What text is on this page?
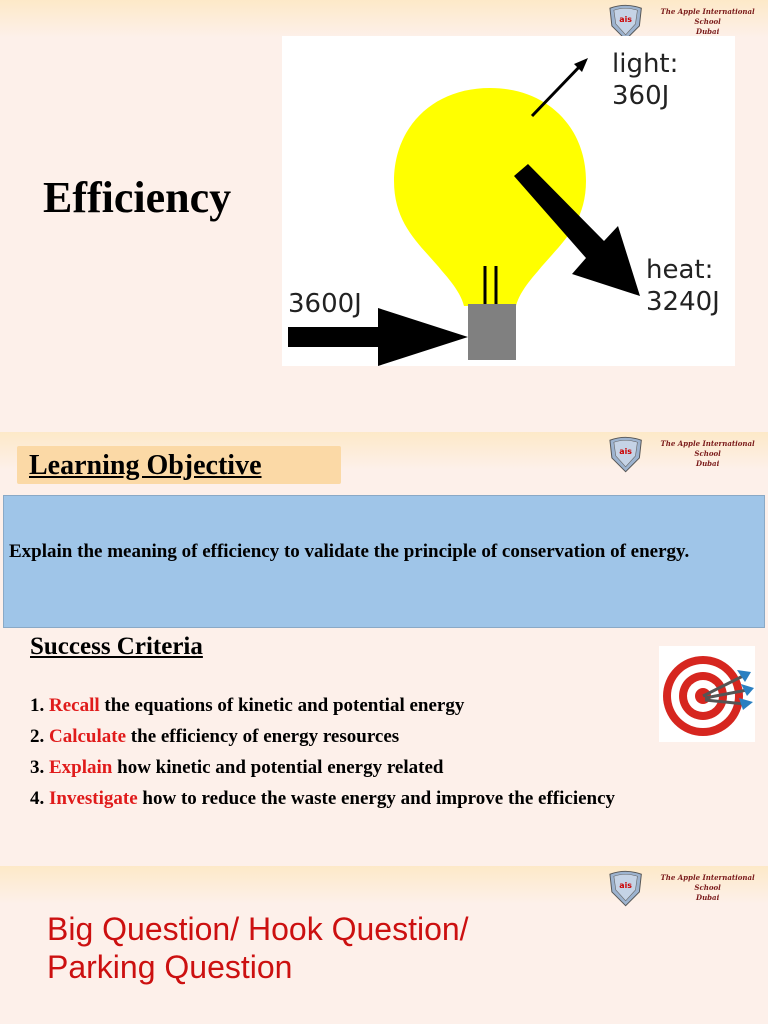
ais
The Apple International School
Dubai
Efficiency
light:
360J
heat:
3240J
3600J
ais
The Apple International School
Dubai
Learning Objective
Explain the meaning of efficiency to validate the principle of conservation of energy.
Success Criteria
1. Recall the equations of kinetic and potential energy
2. Calculate the efficiency of energy resources
3. Explain how kinetic and potential energy related
4. Investigate how to reduce the waste energy and improve the efficiency
ais
The Apple International School
Dubai
Big Question/ Hook Question/
Parking Question
